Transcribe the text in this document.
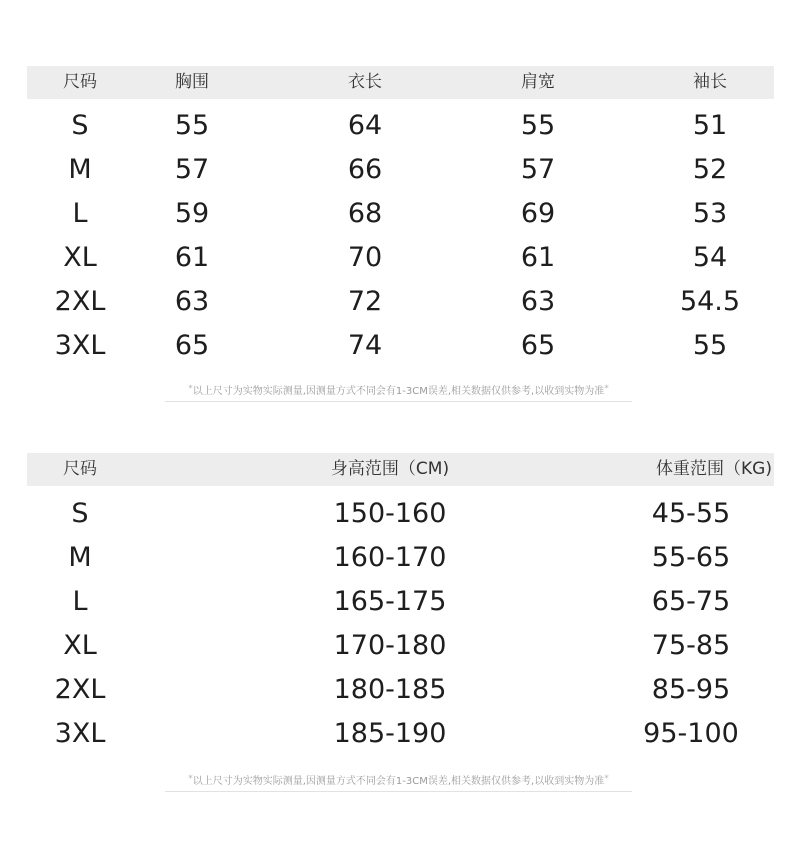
尺码	胸围	衣长	肩宽	袖长
S	55	64	55	51
M	57	66	57	52
L	59	68	69	53
XL	61	70	61	54
2XL	63	72	63	54.5
3XL	65	74	65	55
*以上尺寸为实物实际测量,因测量方式不同会有1-3CM误差,相关数据仅供参考,以收到实物为准*
尺码	身高范围（CM)	体重范围（KG)
S	150-160	45-55
M	160-170	55-65
L	165-175	65-75
XL	170-180	75-85
2XL	180-185	85-95
3XL	185-190	95-100
*以上尺寸为实物实际测量,因测量方式不同会有1-3CM误差,相关数据仅供参考,以收到实物为准*
